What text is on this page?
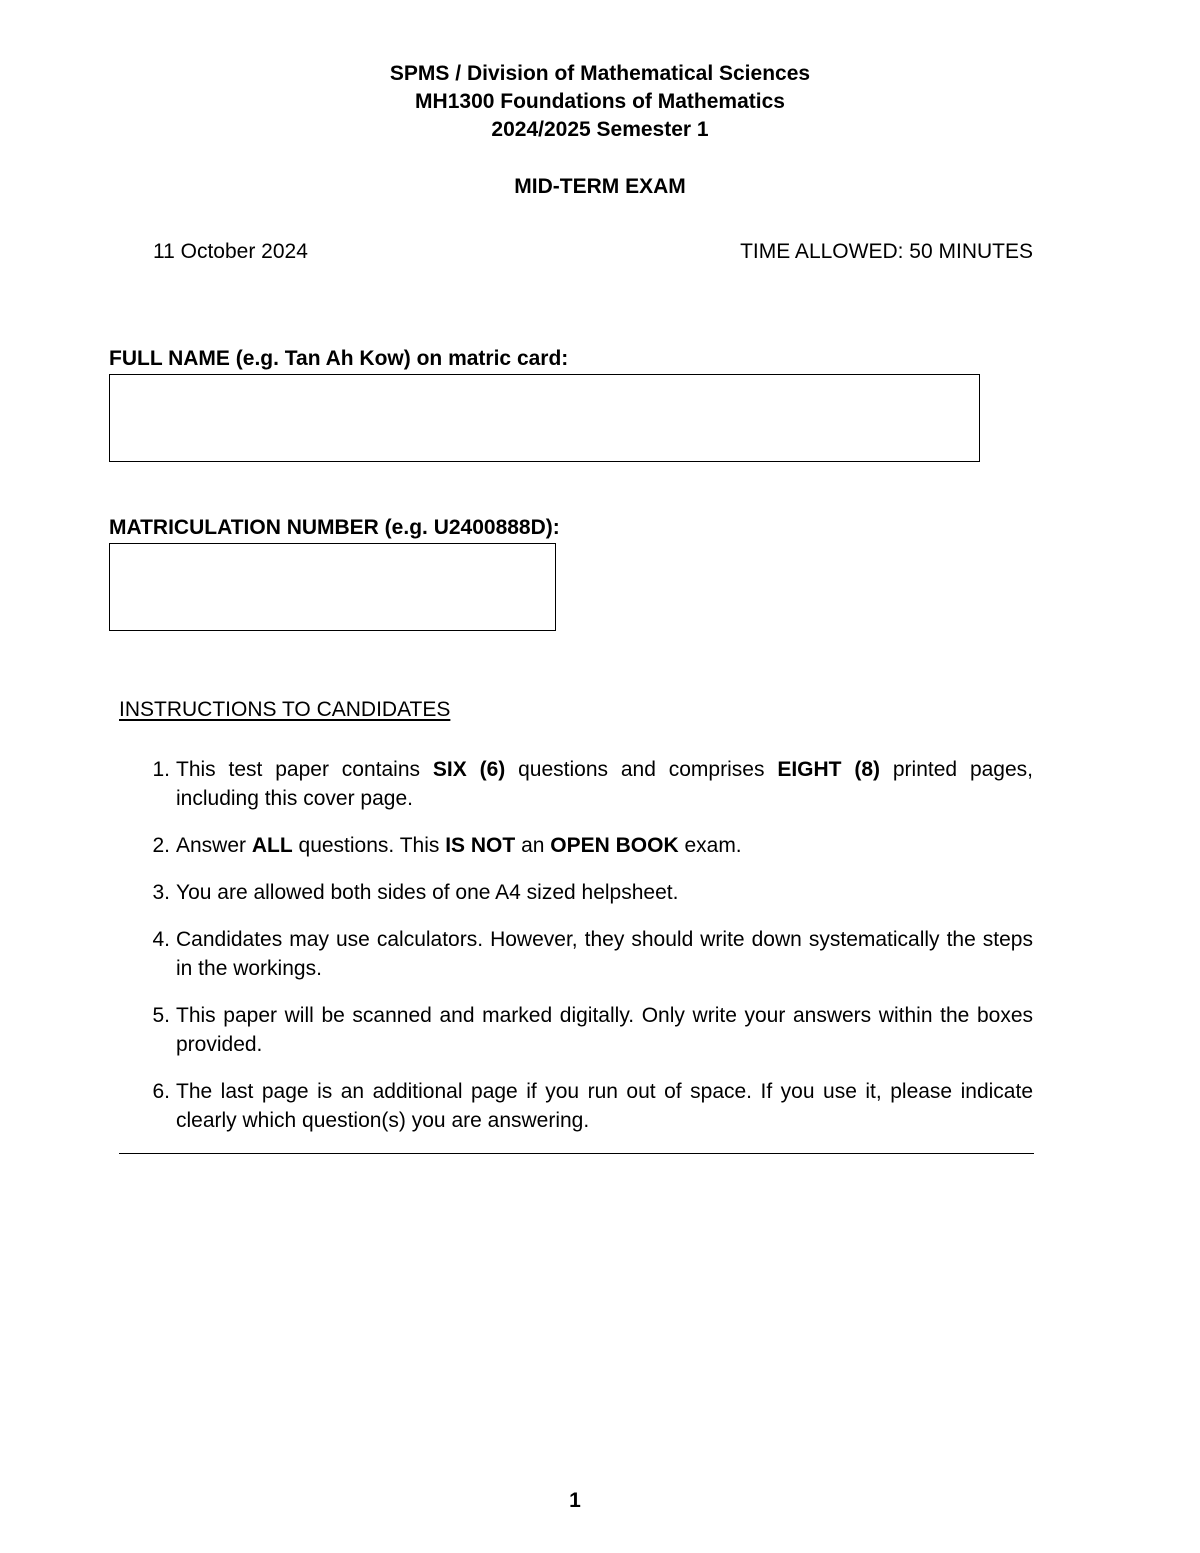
SPMS / Division of Mathematical Sciences
MH1300 Foundations of Mathematics
2024/2025 Semester 1
MID-TERM EXAM
11 October 2024	TIME ALLOWED: 50 MINUTES
FULL NAME (e.g. Tan Ah Kow) on matric card:
MATRICULATION NUMBER (e.g. U2400888D):
INSTRUCTIONS TO CANDIDATES
1. This test paper contains SIX (6) questions and comprises EIGHT (8) printed pages, including this cover page.
2. Answer ALL questions. This IS NOT an OPEN BOOK exam.
3. You are allowed both sides of one A4 sized helpsheet.
4. Candidates may use calculators. However, they should write down systematically the steps in the workings.
5. This paper will be scanned and marked digitally. Only write your answers within the boxes provided.
6. The last page is an additional page if you run out of space. If you use it, please indicate clearly which question(s) you are answering.
1
